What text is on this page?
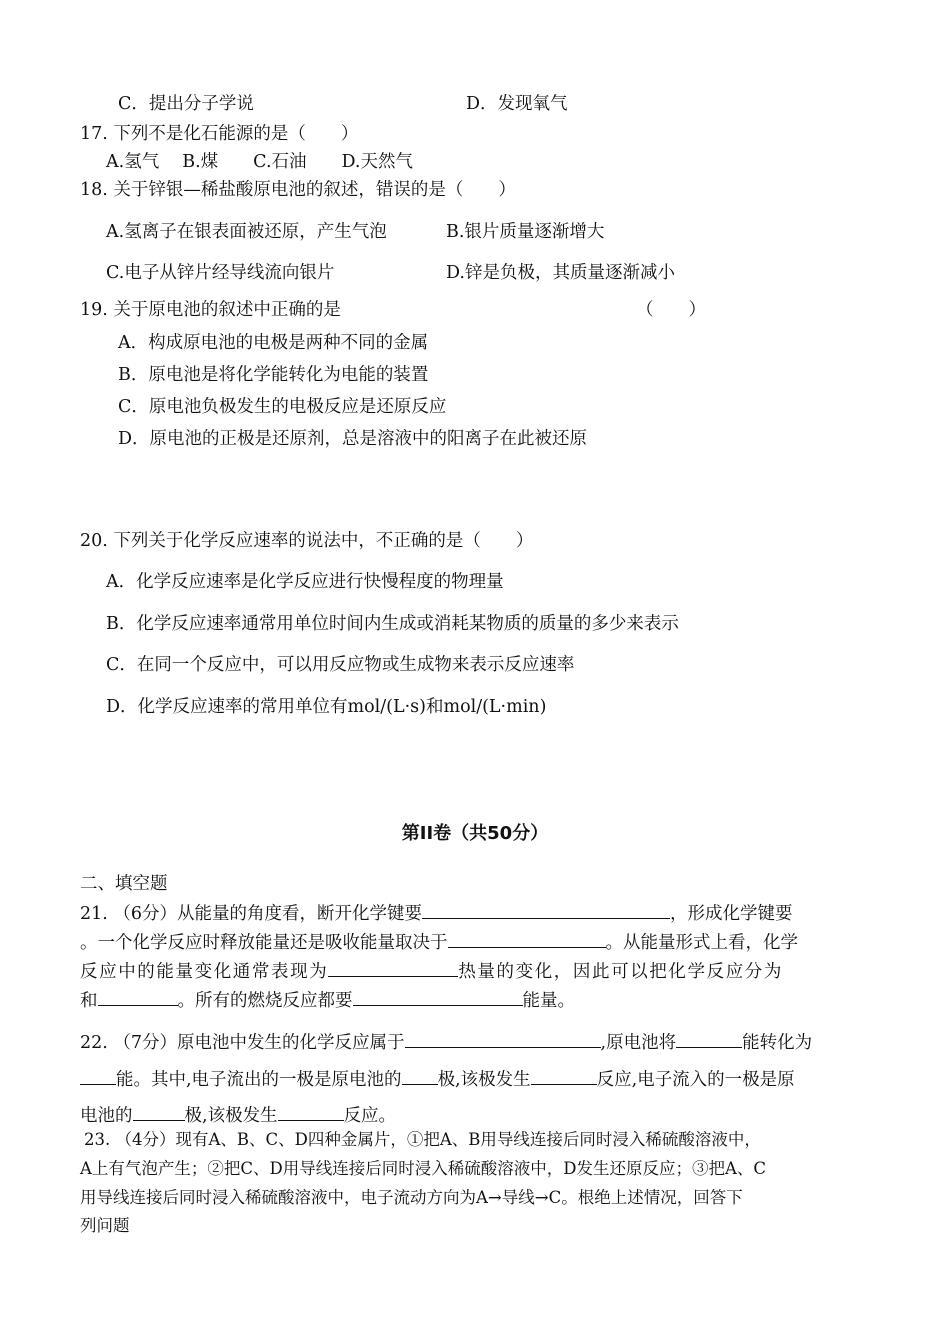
C．提出分子学说	D．发现氧气
17. 下列不是化石能源的是（　　）
A.氢气　 B.煤　　C.石油　　D.天然气
18. 关于锌银—稀盐酸原电池的叙述，错误的是（　　）
A.氢离子在银表面被还原，产生气泡	B.银片质量逐渐增大
C.电子从锌片经导线流向银片	D.锌是负极，其质量逐渐减小
19. 关于原电池的叙述中正确的是	（　　）
A．构成原电池的电极是两种不同的金属
B．原电池是将化学能转化为电能的装置
C．原电池负极发生的电极反应是还原反应
D．原电池的正极是还原剂，总是溶液中的阳离子在此被还原
20. 下列关于化学反应速率的说法中，不正确的是（　　）
A．化学反应速率是化学反应进行快慢程度的物理量
B．化学反应速率通常用单位时间内生成或消耗某物质的质量的多少来表示
C．在同一个反应中，可以用反应物或生成物来表示反应速率
D．化学反应速率的常用单位有mol/(L·s)和mol/(L·min)
第II卷（共50分）
二、填空题
21. （6分）从能量的角度看，断开化学键要	，形成化学键要
。一个化学反应时释放能量还是吸收能量取决于	。从能量形式上看，化学
反应中的能量变化通常表现为	热量的变化，因此可以把化学反应分为
和	。所有的燃烧反应都要	能量。
22. （7分）原电池中发生的化学反应属于	,原电池将	能转化为
能。其中,电子流出的一极是原电池的 极,该极发生	反应,电子流入的一极是原
电池的	极,该极发生	反应。
23. （4分）现有A、B、C、D四种金属片，①把A、B用导线连接后同时浸入稀硫酸溶液中，
A上有气泡产生；②把C、D用导线连接后同时浸入稀硫酸溶液中，D发生还原反应；③把A、C
用导线连接后同时浸入稀硫酸溶液中，电子流动方向为A→导线→C。根绝上述情况，回答下
列问题
